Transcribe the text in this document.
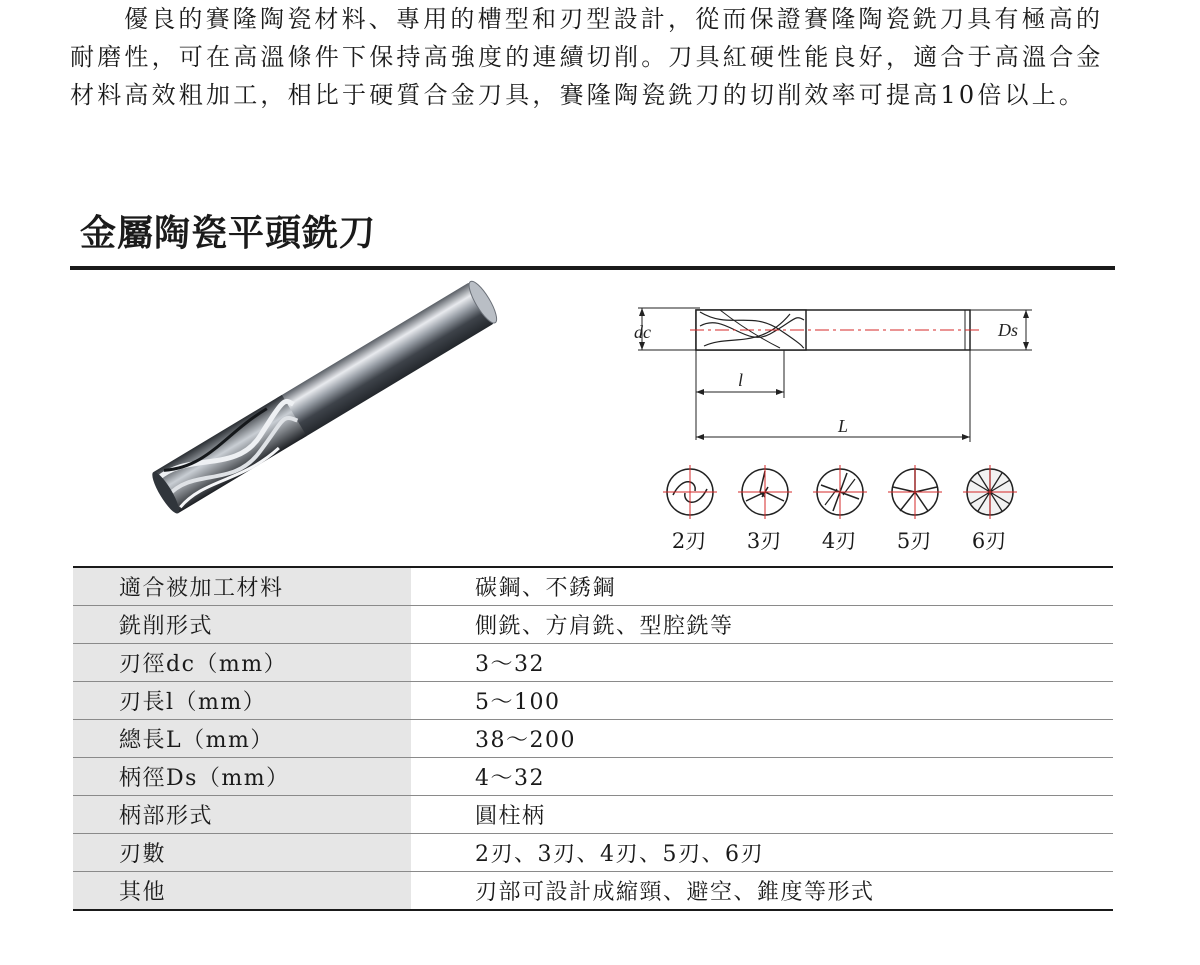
優良的賽隆陶瓷材料、專用的槽型和刃型設計，從而保證賽隆陶瓷銑刀具有極高的耐磨性，可在高溫條件下保持高強度的連續切削。刀具紅硬性能良好，適合于高溫合金材料高效粗加工，相比于硬質合金刀具，賽隆陶瓷銑刀的切削效率可提高10倍以上。

金屬陶瓷平頭銑刀
dc	Ds
l
L
2刃	3刃	4刃	5刃	6刃
適合被加工材料	碳鋼、不銹鋼
銑削形式	側銑、方肩銑、型腔銑等
刃徑dc（mm）	3～32
刃長l（mm）	5～100
總長L（mm）	38～200
柄徑Ds（mm）	4～32
柄部形式	圓柱柄
刃數	2刃、3刃、4刃、5刃、6刃
其他	刃部可設計成縮頸、避空、錐度等形式
